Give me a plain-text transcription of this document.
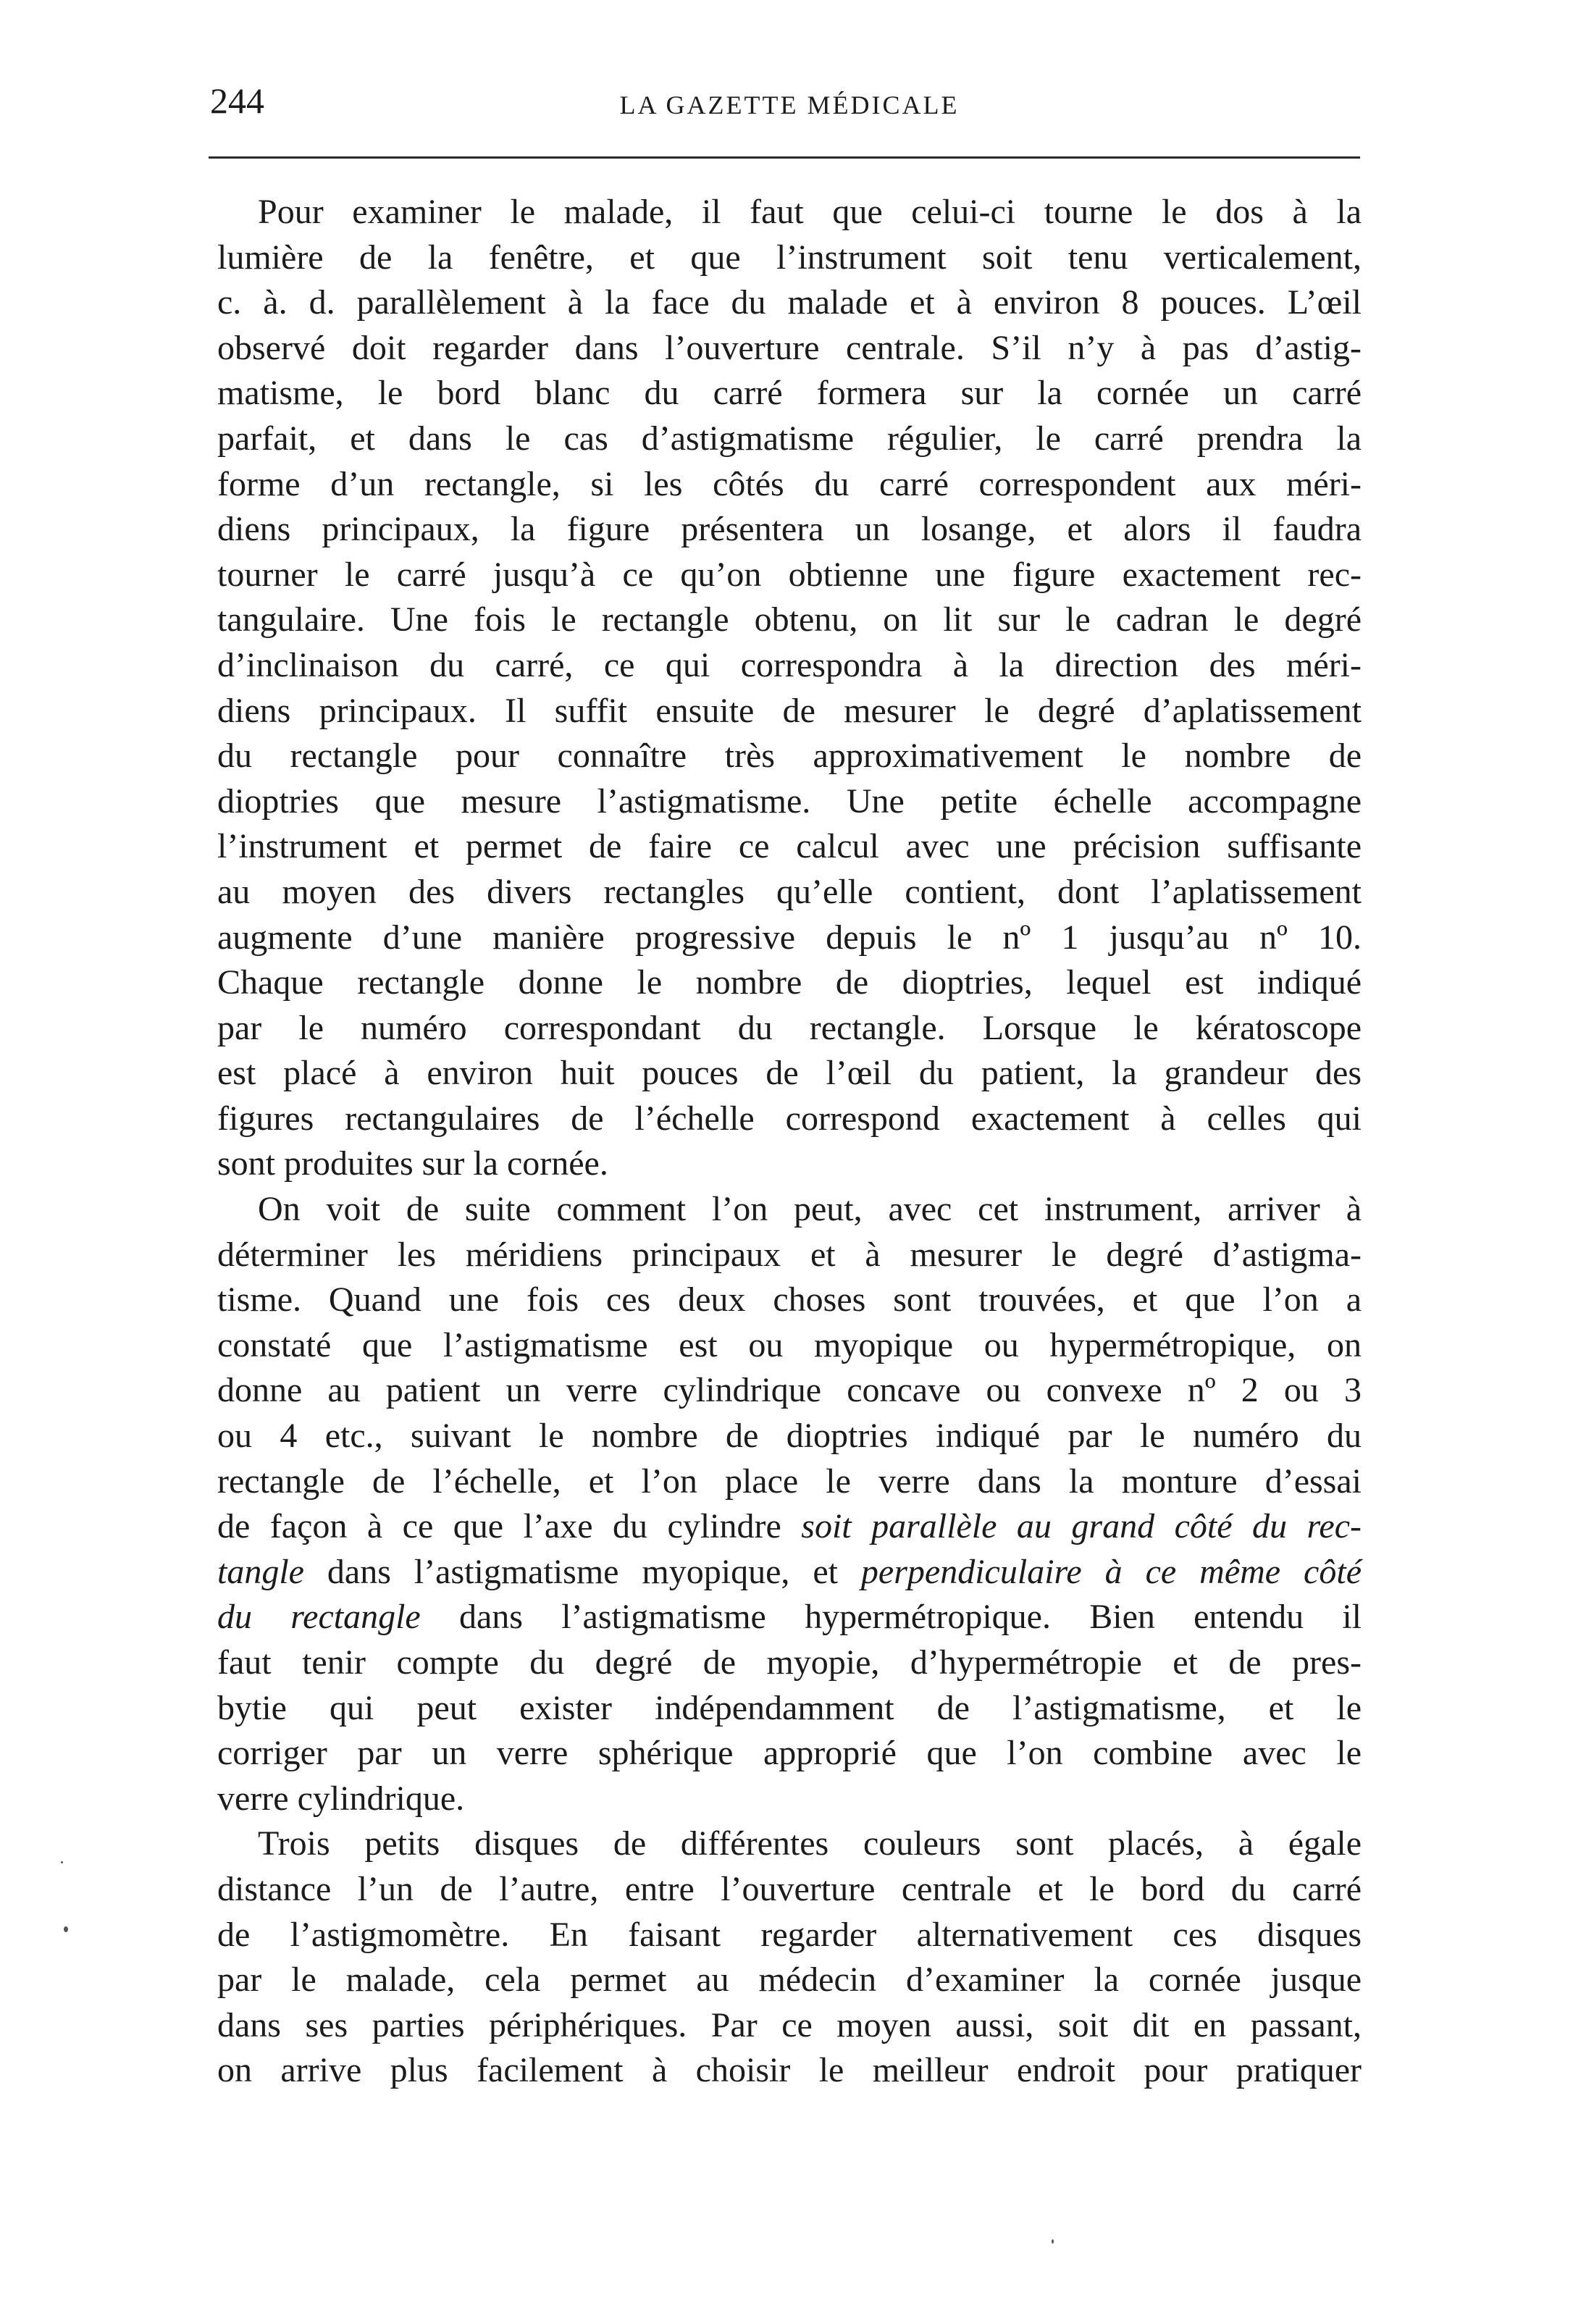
244	LA GAZETTE MÉDICALE
Pour examiner le malade, il faut que celui-ci tourne le dos à la
lumière de la fenêtre, et que l’instrument soit tenu verticalement,
c. à. d. parallèlement à la face du malade et à environ 8 pouces. L’œil
observé doit regarder dans l’ouverture centrale. S’il n’y à pas d’astig-
matisme, le bord blanc du carré formera sur la cornée un carré
parfait, et dans le cas d’astigmatisme régulier, le carré prendra la
forme d’un rectangle, si les côtés du carré correspondent aux méri-
diens principaux, la figure présentera un losange, et alors il faudra
tourner le carré jusqu’à ce qu’on obtienne une figure exactement rec-
tangulaire. Une fois le rectangle obtenu, on lit sur le cadran le degré
d’inclinaison du carré, ce qui correspondra à la direction des méri-
diens principaux. Il suffit ensuite de mesurer le degré d’aplatissement
du rectangle pour connaître très approximativement le nombre de
dioptries que mesure l’astigmatisme. Une petite échelle accompagne
l’instrument et permet de faire ce calcul avec une précision suffisante
au moyen des divers rectangles qu’elle contient, dont l’aplatissement
augmente d’une manière progressive depuis le nº 1 jusqu’au nº 10.
Chaque rectangle donne le nombre de dioptries, lequel est indiqué
par le numéro correspondant du rectangle. Lorsque le kératoscope
est placé à environ huit pouces de l’œil du patient, la grandeur des
figures rectangulaires de l’échelle correspond exactement à celles qui
sont produites sur la cornée.
On voit de suite comment l’on peut, avec cet instrument, arriver à
déterminer les méridiens principaux et à mesurer le degré d’astigma-
tisme. Quand une fois ces deux choses sont trouvées, et que l’on a
constaté que l’astigmatisme est ou myopique ou hypermétropique, on
donne au patient un verre cylindrique concave ou convexe nº 2 ou 3
ou 4 etc., suivant le nombre de dioptries indiqué par le numéro du
rectangle de l’échelle, et l’on place le verre dans la monture d’essai
de façon à ce que l’axe du cylindre soit parallèle au grand côté du rec-
tangle dans l’astigmatisme myopique, et perpendiculaire à ce même côté
du rectangle dans l’astigmatisme hypermétropique. Bien entendu il
faut tenir compte du degré de myopie, d’hypermétropie et de pres-
bytie qui peut exister indépendamment de l’astigmatisme, et le
corriger par un verre sphérique approprié que l’on combine avec le
verre cylindrique.
Trois petits disques de différentes couleurs sont placés, à égale
distance l’un de l’autre, entre l’ouverture centrale et le bord du carré
de l’astigmomètre. En faisant regarder alternativement ces disques
par le malade, cela permet au médecin d’examiner la cornée jusque
dans ses parties périphériques. Par ce moyen aussi, soit dit en passant,
on arrive plus facilement à choisir le meilleur endroit pour pratiquer
